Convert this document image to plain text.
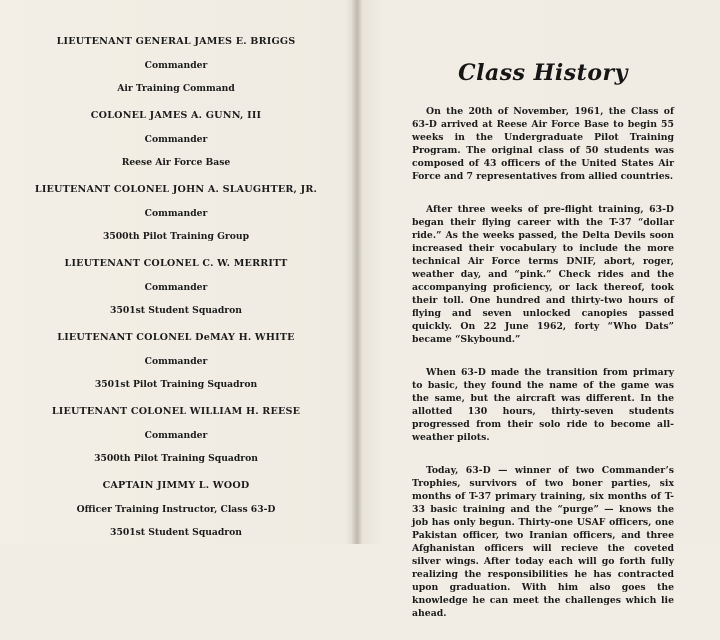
LIEUTENANT GENERAL JAMES E. BRIGGS
Commander
Air Training Command
COLONEL JAMES A. GUNN, III
Commander
Reese Air Force Base
LIEUTENANT COLONEL JOHN A. SLAUGHTER, JR.
Commander
3500th Pilot Training Group
LIEUTENANT COLONEL C. W. MERRITT
Commander
3501st Student Squadron
LIEUTENANT COLONEL DeMAY H. WHITE
Commander
3501st Pilot Training Squadron
LIEUTENANT COLONEL WILLIAM H. REESE
Commander
3500th Pilot Training Squadron
CAPTAIN JIMMY L. WOOD
Officer Training Instructor, Class 63-D
3501st Student Squadron
Class History

On the 20th of November, 1961, the Class of 63-D arrived at Reese Air Force Base to begin 55 weeks in the Undergraduate Pilot Training Program. The original class of 50 students was composed of 43 officers of the United States Air Force and 7 representatives from allied countries.

After three weeks of pre-flight training, 63-D began their flying career with the T-37 “dollar ride.” As the weeks passed, the Delta Devils soon increased their vocabulary to include the more technical Air Force terms DNIF, abort, roger, weather day, and “pink.” Check rides and the accompanying proficiency, or lack thereof, took their toll. One hundred and thirty-two hours of flying and seven unlocked canopies passed quickly. On 22 June 1962, forty “Who Dats” became “Skybound.”

When 63-D made the transition from primary to basic, they found the name of the game was the same, but the aircraft was different. In the allotted 130 hours, thirty-seven students progressed from their solo ride to become all-weather pilots.

Today, 63-D — winner of two Commander’s Trophies, survivors of two boner parties, six months of T-37 primary training, six months of T-33 basic training and the “purge” — knows the job has only begun. Thirty-one USAF officers, one Pakistan officer, two Iranian officers, and three Afghanistan officers will recieve the coveted silver wings. After today each will go forth fully realizing the responsibilities he has contracted upon graduation. With him also goes the knowledge he can meet the challenges which lie ahead.
